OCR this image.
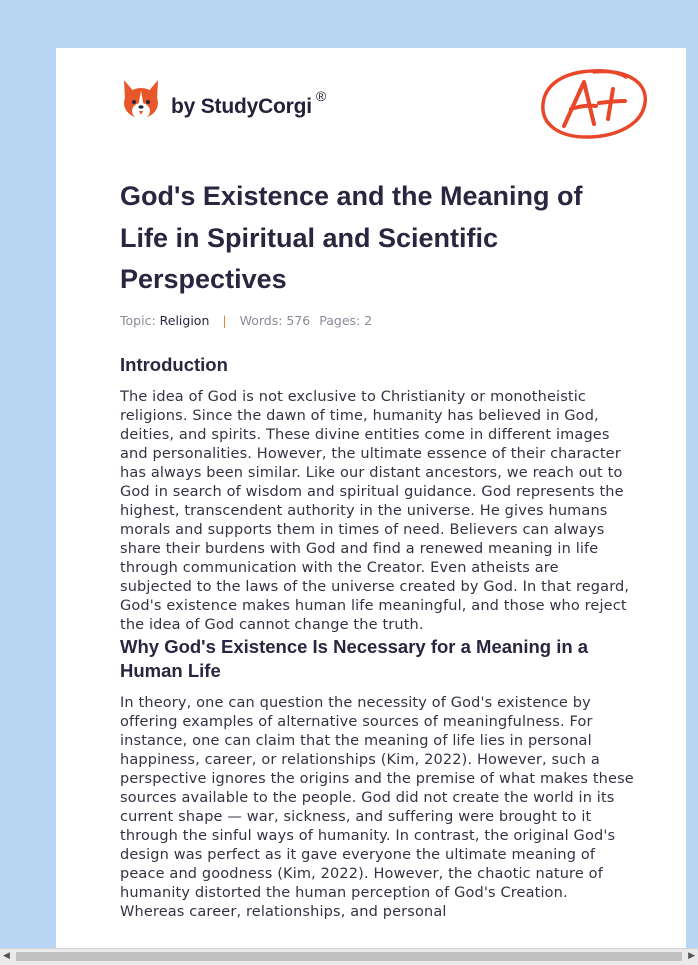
by StudyCorgi ®
God's Existence and the Meaning of Life in Spiritual and Scientific Perspectives
Topic: Religion | Words: 576 Pages: 2
Introduction

The idea of God is not exclusive to Christianity or monotheistic religions. Since the dawn of time, humanity has believed in God, deities, and spirits. These divine entities come in different images and personalities. However, the ultimate essence of their character has always been similar. Like our distant ancestors, we reach out to God in search of wisdom and spiritual guidance. God represents the highest, transcendent authority in the universe. He gives humans morals and supports them in times of need. Believers can always share their burdens with God and find a renewed meaning in life through communication with the Creator. Even atheists are subjected to the laws of the universe created by God. In that regard, God's existence makes human life meaningful, and those who reject the idea of God cannot change the truth.

Why God's Existence Is Necessary for a Meaning in a Human Life

In theory, one can question the necessity of God's existence by offering examples of alternative sources of meaningfulness. For instance, one can claim that the meaning of life lies in personal happiness, career, or relationships (Kim, 2022). However, such a perspective ignores the origins and the premise of what makes these sources available to the people. God did not create the world in its current shape — war, sickness, and suffering were brought to it through the sinful ways of humanity. In contrast, the original God's design was perfect as it gave everyone the ultimate meaning of peace and goodness (Kim, 2022). However, the chaotic nature of humanity distorted the human perception of God's Creation. Whereas career, relationships, and personal

◀	▶
